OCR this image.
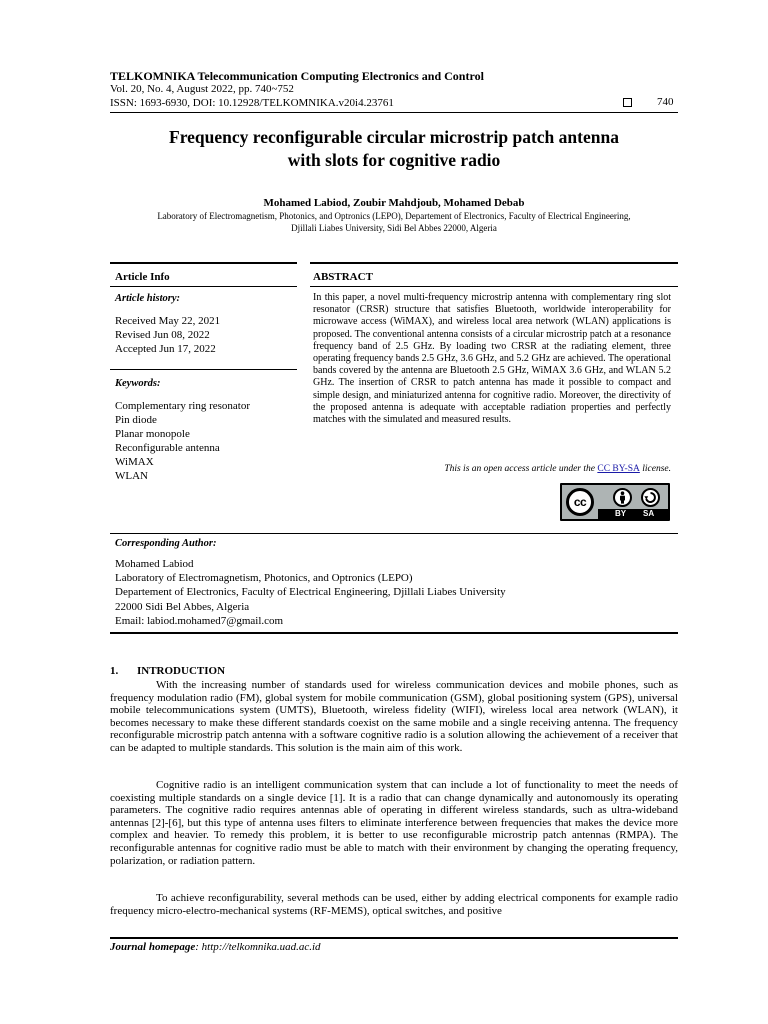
TELKOMNIKA Telecommunication Computing Electronics and Control
Vol. 20, No. 4, August 2022, pp. 740~752
ISSN: 1693-6930, DOI: 10.12928/TELKOMNIKA.v20i4.23761	740
Frequency reconfigurable circular microstrip patch antenna
with slots for cognitive radio
Mohamed Labiod, Zoubir Mahdjoub, Mohamed Debab
Laboratory of Electromagnetism, Photonics, and Optronics (LEPO), Departement of Electronics, Faculty of Electrical Engineering,
Djillali Liabes University, Sidi Bel Abbes 22000, Algeria
Article Info
Article history:
Received May 22, 2021
Revised Jun 08, 2022
Accepted Jun 17, 2022
Keywords:
Complementary ring resonator
Pin diode
Planar monopole
Reconfigurable antenna
WiMAX
WLAN
ABSTRACT
In this paper, a novel multi-frequency microstrip antenna with complementary ring slot resonator (CRSR) structure that satisfies Bluetooth, worldwide interoperability for microwave access (WiMAX), and wireless local area network (WLAN) applications is proposed. The conventional antenna consists of a circular microstrip patch at a resonance frequency band of 2.5 GHz. By loading two CRSR at the radiating element, three operating frequency bands 2.5 GHz, 3.6 GHz, and 5.2 GHz are achieved. The operational bands covered by the antenna are Bluetooth 2.5 GHz, WiMAX 3.6 GHz, and WLAN 5.2 GHz. The insertion of CRSR to patch antenna has made it possible to compact and simple design, and miniaturized antenna for cognitive radio. Moreover, the directivity of the proposed antenna is adequate with acceptable radiation properties and perfectly matches with the simulated and measured results.
This is an open access article under the CC BY-SA license.
cc
BY SA
Corresponding Author:
Mohamed Labiod
Laboratory of Electromagnetism, Photonics, and Optronics (LEPO)
Departement of Electronics, Faculty of Electrical Engineering, Djillali Liabes University
22000 Sidi Bel Abbes, Algeria
Email: labiod.mohamed7@gmail.com
1. INTRODUCTION

With the increasing number of standards used for wireless communication devices and mobile phones, such as frequency modulation radio (FM), global system for mobile communication (GSM), global positioning system (GPS), universal mobile telecommunications system (UMTS), Bluetooth, wireless fidelity (WIFI), wireless local area network (WLAN), it becomes necessary to make these different standards coexist on the same mobile and a single receiving antenna. The frequency reconfigurable microstrip patch antenna with a software cognitive radio is a solution allowing the achievement of a receiver that can be adapted to multiple standards. This solution is the main aim of this work.

Cognitive radio is an intelligent communication system that can include a lot of functionality to meet the needs of coexisting multiple standards on a single device [1]. It is a radio that can change dynamically and autonomously its operating parameters. The cognitive radio requires antennas able of operating in different wireless standards, such as ultra-wideband antennas [2]-[6], but this type of antenna uses filters to eliminate interference between frequencies that makes the device more complex and heavier. To remedy this problem, it is better to use reconfigurable microstrip patch antennas (RMPA). The reconfigurable antennas for cognitive radio must be able to match with their environment by changing the operating frequency, polarization, or radiation pattern.

To achieve reconfigurability, several methods can be used, either by adding electrical components for example radio frequency micro-electro-mechanical systems (RF-MEMS), optical switches, and positive

Journal homepage: http://telkomnika.uad.ac.id
